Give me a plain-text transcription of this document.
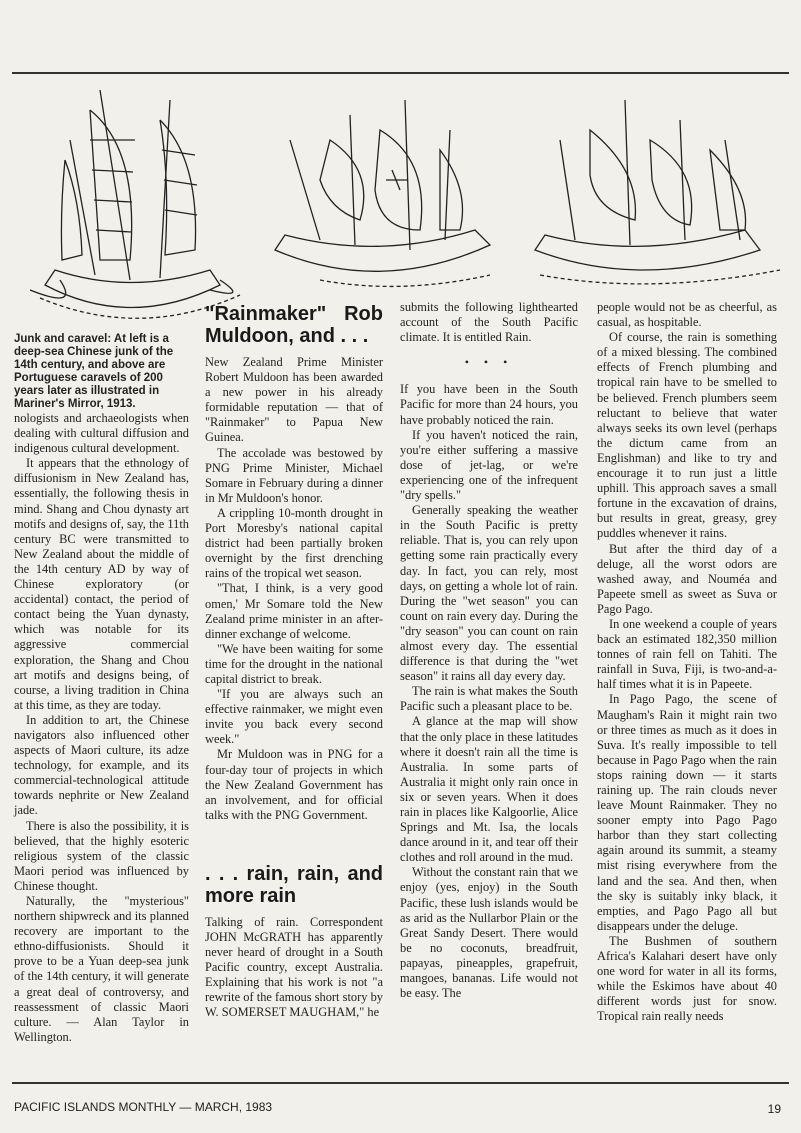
Junk and caravel: At left is a deep-sea Chinese junk of the 14th century, and above are Portuguese caravels of 200 years later as illustrated in Mariner's Mirror, 1913.

nologists and archaeologists when dealing with cultural diffusion and indigenous cultural development.

It appears that the ethnology of diffusionism in New Zealand has, essentially, the following thesis in mind. Shang and Chou dynasty art motifs and designs of, say, the 11th century BC were transmitted to New Zealand about the middle of the 14th century AD by way of Chinese exploratory (or accidental) contact, the period of contact being the Yuan dynasty, which was notable for its aggressive commercial exploration, the Shang and Chou art motifs and designs being, of course, a living tradition in China at this time, as they are today.

In addition to art, the Chinese navigators also influenced other aspects of Maori culture, its adze technology, for example, and its commercial-technological attitude towards nephrite or New Zealand jade.

There is also the possibility, it is believed, that the highly esoteric religious system of the classic Maori period was influenced by Chinese thought.

Naturally, the "mysterious" northern shipwreck and its planned recovery are important to the ethno-diffusionists. Should it prove to be a Yuan deep-sea junk of the 14th century, it will generate a great deal of controversy, and reassessment of classic Maori culture. — Alan Taylor in Wellington.

"Rainmaker" Rob Muldoon, and . . .

New Zealand Prime Minister Robert Muldoon has been awarded a new power in his already formidable reputation — that of "Rainmaker" to Papua New Guinea.

The accolade was bestowed by PNG Prime Minister, Michael Somare in February during a dinner in Mr Muldoon's honor.

A crippling 10-month drought in Port Moresby's national capital district had been partially broken overnight by the first drenching rains of the tropical wet season.

"That, I think, is a very good omen,' Mr Somare told the New Zealand prime minister in an after-dinner exchange of welcome.

"We have been waiting for some time for the drought in the national capital district to break.

"If you are always such an effective rainmaker, we might even invite you back every second week."

Mr Muldoon was in PNG for a four-day tour of projects in which the New Zealand Government has an involvement, and for official talks with the PNG Government.

. . . rain, rain, and more rain

Talking of rain. Correspondent JOHN McGRATH has apparently never heard of drought in a South Pacific country, except Australia. Explaining that his work is not "a rewrite of the famous short story by W. SOMERSET MAUGHAM," he

submits the following lighthearted account of the South Pacific climate. It is entitled Rain.

• • •

If you have been in the South Pacific for more than 24 hours, you have probably noticed the rain.

If you haven't noticed the rain, you're either suffering a massive dose of jet-lag, or we're experiencing one of the infrequent "dry spells."

Generally speaking the weather in the South Pacific is pretty reliable. That is, you can rely upon getting some rain practically every day. In fact, you can rely, most days, on getting a whole lot of rain. During the "wet season" you can count on rain every day. During the "dry season" you can count on rain almost every day. The essential difference is that during the "wet season" it rains all day every day.

The rain is what makes the South Pacific such a pleasant place to be.

A glance at the map will show that the only place in these latitudes where it doesn't rain all the time is Australia. In some parts of Australia it might only rain once in six or seven years. When it does rain in places like Kalgoorlie, Alice Springs and Mt. Isa, the locals dance around in it, and tear off their clothes and roll around in the mud.

Without the constant rain that we enjoy (yes, enjoy) in the South Pacific, these lush islands would be as arid as the Nullarbor Plain or the Great Sandy Desert. There would be no coconuts, breadfruit, papayas, pineapples, grapefruit, mangoes, bananas. Life would not be easy. The

people would not be as cheerful, as casual, as hospitable.

Of course, the rain is something of a mixed blessing. The combined effects of French plumbing and tropical rain have to be smelled to be believed. French plumbers seem reluctant to believe that water always seeks its own level (perhaps the dictum came from an Englishman) and like to try and encourage it to run just a little uphill. This approach saves a small fortune in the excavation of drains, but results in great, greasy, grey puddles whenever it rains.

But after the third day of a deluge, all the worst odors are washed away, and Nouméa and Papeete smell as sweet as Suva or Pago Pago.

In one weekend a couple of years back an estimated 182,350 million tonnes of rain fell on Tahiti. The rainfall in Suva, Fiji, is two-and-a-half times what it is in Papeete.

In Pago Pago, the scene of Maugham's Rain it might rain two or three times as much as it does in Suva. It's really impossible to tell because in Pago Pago when the rain stops raining down — it starts raining up. The rain clouds never leave Mount Rainmaker. They no sooner empty into Pago Pago harbor than they start collecting again around its summit, a steamy mist rising everywhere from the land and the sea. And then, when the sky is suitably inky black, it empties, and Pago Pago all but disappears under the deluge.

The Bushmen of southern Africa's Kalahari desert have only one word for water in all its forms, while the Eskimos have about 40 different words just for snow. Tropical rain really needs

PACIFIC ISLANDS MONTHLY — MARCH, 1983	19
